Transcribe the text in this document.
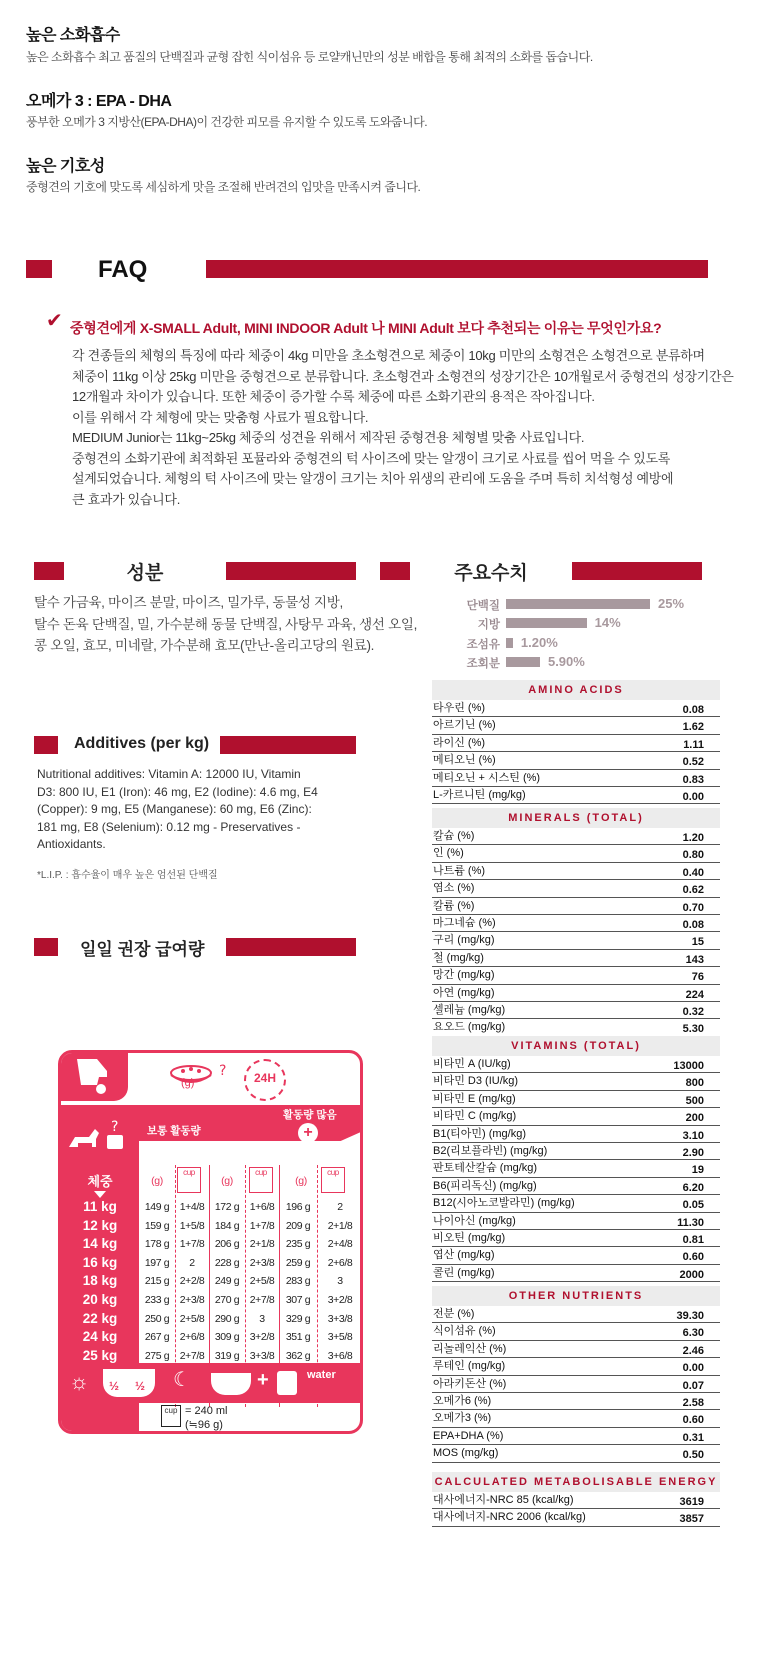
높은 소화흡수
높은 소화흡수 최고 품질의 단백질과 균형 잡힌 식이섬유 등 로얄캐닌만의 성분 배합을 통해 최적의 소화를 돕습니다.
오메가 3 : EPA - DHA
풍부한 오메가 3 지방산(EPA-DHA)이 건강한 피모를 유지할 수 있도록 도와줍니다.
높은 기호성
중형견의 기호에 맞도록 세심하게 맛을 조절해 반려견의 입맛을 만족시켜 줍니다.
FAQ
✔ 중형견에게 X-SMALL Adult, MINI INDOOR Adult 나 MINI Adult 보다 추천되는 이유는 무엇인가요?

각 견종들의 체형의 특징에 따라 체중이 4kg 미만을 초소형견으로 체중이 10kg 미만의 소형견은 소형견으로 분류하며

체중이 11kg 이상 25kg 미만을 중형견으로 분류합니다. 초소형견과 소형견의 성장기간은 10개월로서 중형견의 성장기간은

12개월과 차이가 있습니다. 또한 체중이 증가할 수록 체중에 따른 소화기관의 용적은 작아집니다.

이를 위해서 각 체형에 맞는 맞춤형 사료가 필요합니다.

MEDIUM Junior는 11kg~25kg 체중의 성견을 위해서 제작된 중형견용 체형별 맞춤 사료입니다.

중형견의 소화기관에 최적화된 포뮬라와 중형견의 턱 사이즈에 맞는 알갱이 크기로 사료를 씹어 먹을 수 있도록

설계되었습니다. 체형의 턱 사이즈에 맞는 알갱이 크기는 치아 위생의 관리에 도움을 주며 특히 치석형성 예방에

큰 효과가 있습니다.

성분

탈수 가금육, 마이즈 분말, 마이즈, 밀가루, 동물성 지방,

탈수 돈육 단백질, 밀, 가수분해 동물 단백질, 사탕무 과육, 생선 오일,

콩 오일, 효모, 미네랄, 가수분해 효모(만난-올리고당의 원료).

주요수치
단백질	25%
지방	14%
조섬유 1.20%
조회분	5.90%
Additives (per kg)
Nutritional additives: Vitamin A: 12000 IU, Vitamin
D3: 800 IU, E1 (Iron): 46 mg, E2 (Iodine): 4.6 mg, E4
(Copper): 9 mg, E5 (Manganese): 60 mg, E6 (Zinc):
181 mg, E8 (Selenium): 0.12 mg - Preservatives -
Antioxidants.
*L.I.P. : 흡수율이 매우 높은 엄선된 단백질
일일 권장 급여량
?
(g)	24H
?	보통 활동량
활동량 많음
+
체중	(g)	(g)	(g)
cup	cup	cup
11 kg	149 g	1+4/8	172 g	1+6/8	196 g	2
12 kg	159 g	1+5/8	184 g	1+7/8	209 g	2+1/8
14 kg	178 g	1+7/8	206 g	2+1/8	235 g	2+4/8
16 kg	197 g	2	228 g	2+3/8	259 g	2+6/8
18 kg	215 g	2+2/8	249 g	2+5/8	283 g	3
20 kg	233 g	2+3/8	270 g	2+7/8	307 g	3+2/8
22 kg	250 g	2+5/8	290 g	3	329 g	3+3/8
24 kg	267 g	2+6/8	309 g	3+2/8	351 g	3+5/8
25 kg	275 g	2+7/8	319 g	3+3/8	362 g	3+6/8
☼ ½ ½ ☾	+	water
cup = 240 ml
(≒96 g)
AMINO ACIDS
타우린 (%)	0.08
아르기닌 (%)	1.62
라이신 (%)	1.11
메티오닌 (%)	0.52
메티오닌 + 시스틴 (%)	0.83
L-카르니틴 (mg/kg)	0.00
MINERALS (TOTAL)
칼슘 (%)	1.20
인 (%)	0.80
나트륨 (%)	0.40
염소 (%)	0.62
칼륨 (%)	0.70
마그네슘 (%)	0.08
구리 (mg/kg)	15
철 (mg/kg)	143
망간 (mg/kg)	76
아연 (mg/kg)	224
셀레늄 (mg/kg)	0.32
요오드 (mg/kg)	5.30
VITAMINS (TOTAL)
비타민 A (IU/kg)	13000
비타민 D3 (IU/kg)	800
비타민 E (mg/kg)	500
비타민 C (mg/kg)	200
B1(티아민) (mg/kg)	3.10
B2(리보플라빈) (mg/kg)	2.90
판토테산칼슘 (mg/kg)	19
B6(피리독신) (mg/kg)	6.20
B12(시아노코발라민) (mg/kg)	0.05
나이아신 (mg/kg)	11.30
비오틴 (mg/kg)	0.81
엽산 (mg/kg)	0.60
콜린 (mg/kg)	2000
OTHER NUTRIENTS
전분 (%)	39.30
식이섬유 (%)	6.30
리놀레익산 (%)	2.46
루테인 (mg/kg)	0.00
아라키돈산 (%)	0.07
오메가6 (%)	2.58
오메가3 (%)	0.60
EPA+DHA (%)	0.31
MOS (mg/kg)	0.50
CALCULATED METABOLISABLE ENERGY
대사에너지-NRC 85 (kcal/kg)	3619
대사에너지-NRC 2006 (kcal/kg)	3857
